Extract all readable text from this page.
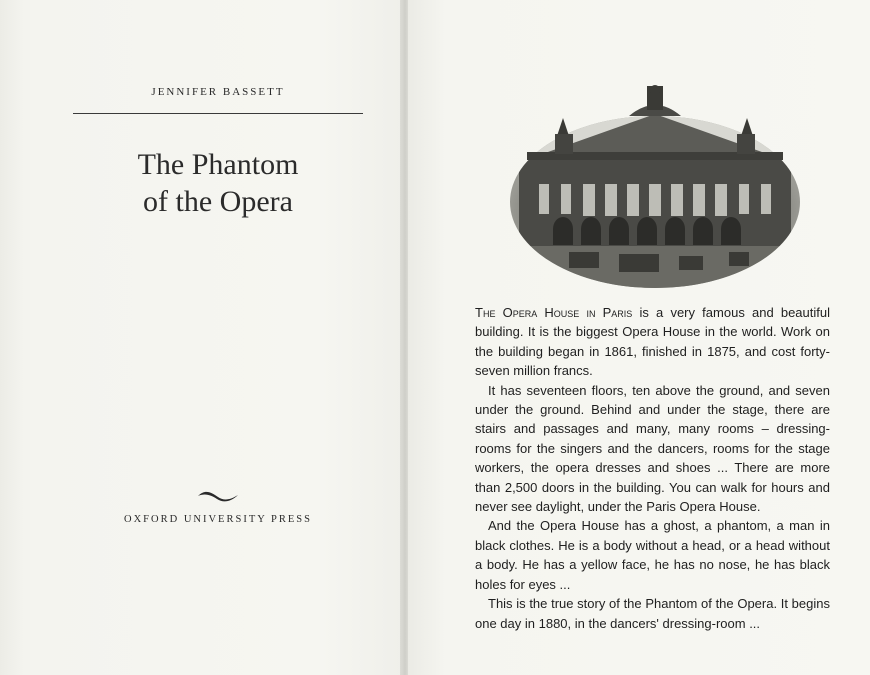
JENNIFER BASSETT
The Phantom
of the Opera
OXFORD UNIVERSITY PRESS

The Opera House in Paris is a very famous and beautiful building. It is the biggest Opera House in the world. Work on the building began in 1861, finished in 1875, and cost forty-seven million francs.

It has seventeen floors, ten above the ground, and seven under the ground. Behind and under the stage, there are stairs and passages and many, many rooms – dressing-rooms for the singers and the dancers, rooms for the stage workers, the opera dresses and shoes ... There are more than 2,500 doors in the building. You can walk for hours and never see daylight, under the Paris Opera House.

And the Opera House has a ghost, a phantom, a man in black clothes. He is a body without a head, or a head without a body. He has a yellow face, he has no nose, he has black holes for eyes ...

This is the true story of the Phantom of the Opera. It begins one day in 1880, in the dancers' dressing-room ...
